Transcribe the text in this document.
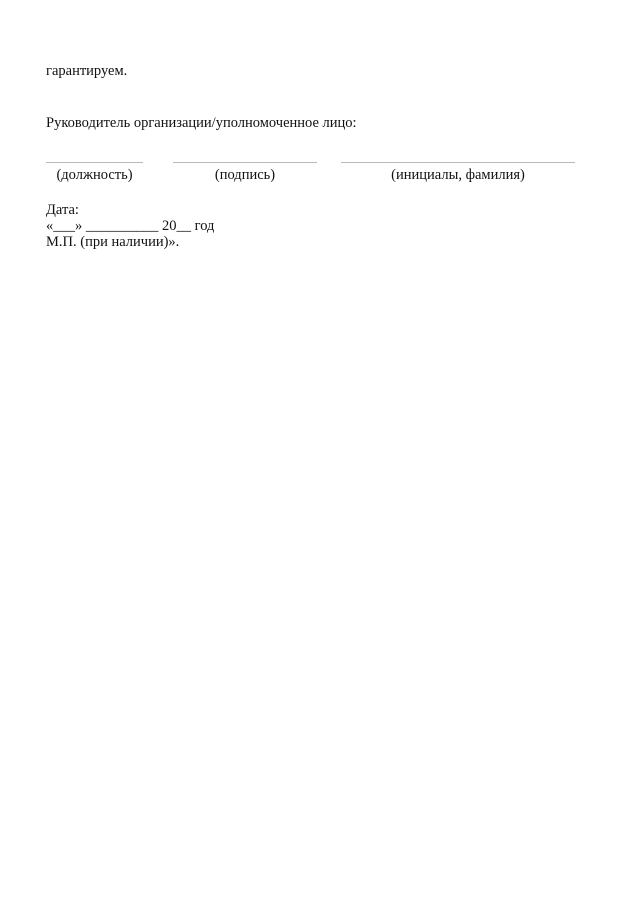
гарантируем.
Руководитель организации/уполномоченное лицо:
(должность)	(подпись)	(инициалы, фамилия)
Дата:
«___» __________ 20__ год
М.П. (при наличии)».
